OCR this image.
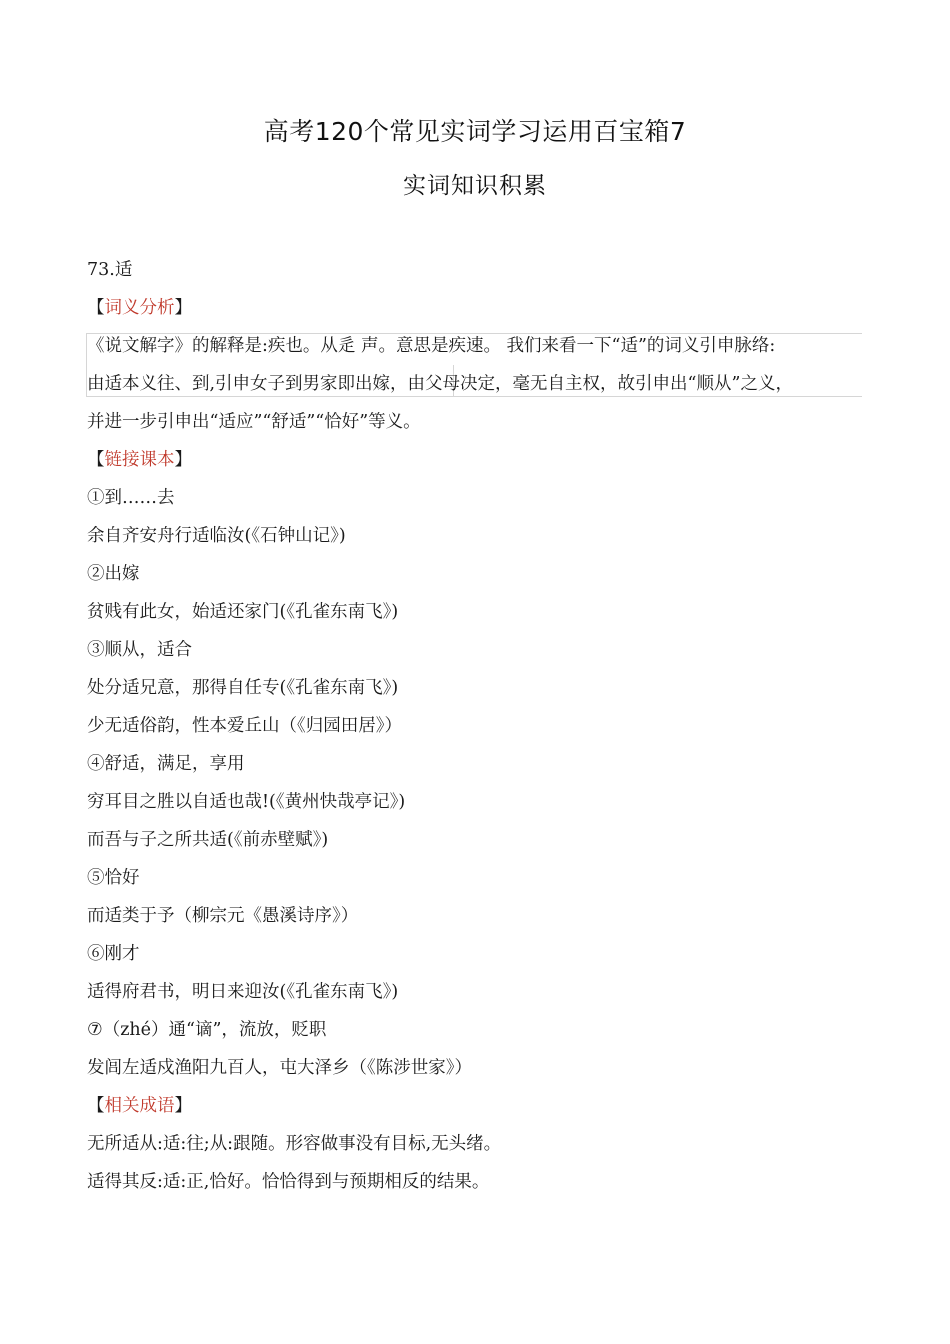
高考120个常见实词学习运用百宝箱7
实词知识积累
73.适
【词义分析】
《说文解字》的解释是:疾也。从辵 声。意思是疾速。 我们来看一下“适”的词义引申脉络:
由适本义往、到,引申女子到男家即出嫁，由父母决定，毫无自主权，故引申出“顺从”之义，
并进一步引申出“适应”“舒适”“恰好”等义。
【链接课本】
①到……去
余自齐安舟行适临汝(《石钟山记》)
②出嫁
贫贱有此女，始适还家门(《孔雀东南飞》)
③顺从，适合
处分适兄意，那得自任专(《孔雀东南飞》)
少无适俗韵，性本爱丘山（《归园田居》）
④舒适，满足，享用
穷耳目之胜以自适也哉!(《黄州快哉亭记》)
而吾与子之所共适(《前赤壁赋》)
⑤恰好
而适类于予（柳宗元《愚溪诗序》）
⑥刚才
适得府君书，明日来迎汝(《孔雀东南飞》)
⑦（zhé）通“谪”，流放，贬职
发闾左适戍渔阳九百人，屯大泽乡（《陈涉世家》）
【相关成语】
无所适从:适:往;从:跟随。形容做事没有目标,无头绪。
适得其反:适:正,恰好。恰恰得到与预期相反的结果。
